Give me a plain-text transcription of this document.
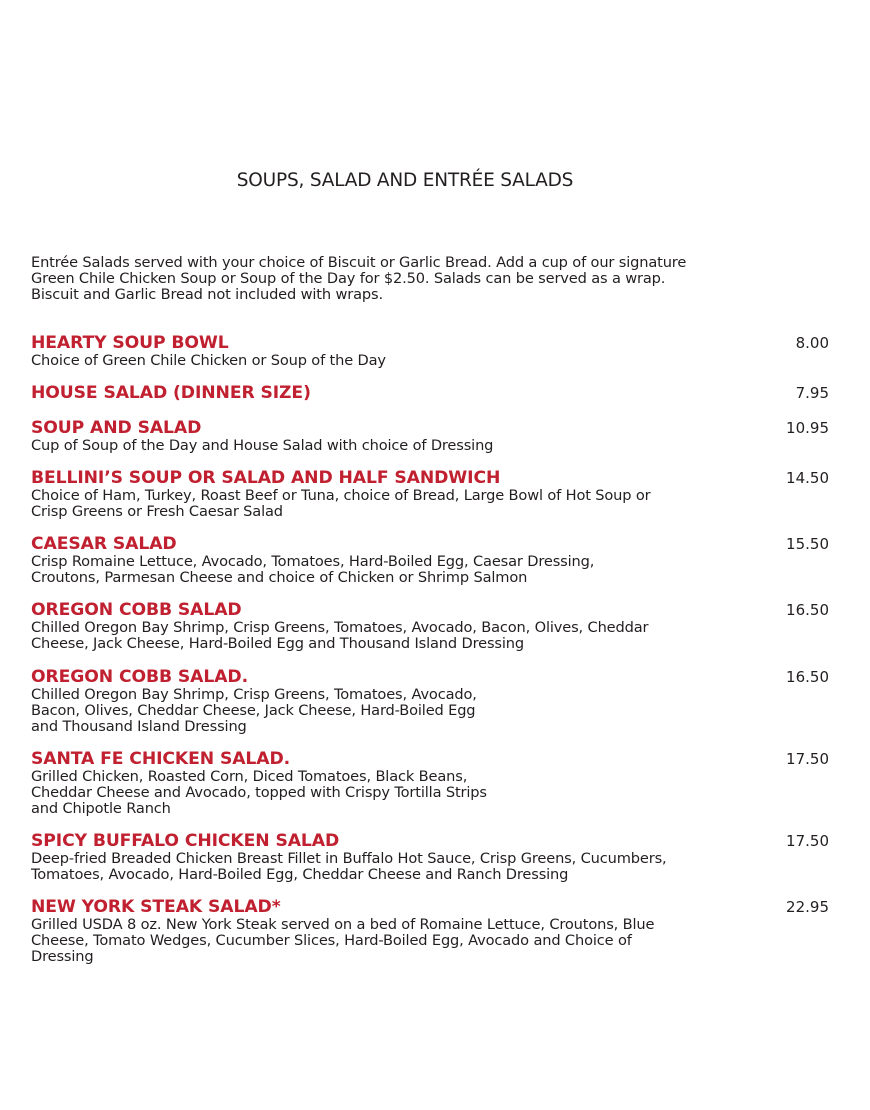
SOUPS, SALAD AND ENTRÉE SALADS

Entrée Salads served with your choice of Biscuit or Garlic Bread. Add a cup of our signature
Green Chile Chicken Soup or Soup of the Day for $2.50. Salads can be served as a wrap.
Biscuit and Garlic Bread not included with wraps.

HEARTY SOUP BOWL
Choice of Green Chile Chicken or Soup of the Day
8.00
HOUSE SALAD (DINNER SIZE)	7.95
SOUP AND SALAD
Cup of Soup of the Day and House Salad with choice of Dressing
10.95
BELLINI’S SOUP OR SALAD AND HALF SANDWICH
Choice of Ham, Turkey, Roast Beef or Tuna, choice of Bread, Large Bowl of Hot Soup or
Crisp Greens or Fresh Caesar Salad
14.50
CAESAR SALAD
Crisp Romaine Lettuce, Avocado, Tomatoes, Hard-Boiled Egg, Caesar Dressing,
Croutons, Parmesan Cheese and choice of Chicken or Shrimp Salmon
15.50
OREGON COBB SALAD
Chilled Oregon Bay Shrimp, Crisp Greens, Tomatoes, Avocado, Bacon, Olives, Cheddar
Cheese, Jack Cheese, Hard-Boiled Egg and Thousand Island Dressing
16.50
OREGON COBB SALAD.
Chilled Oregon Bay Shrimp, Crisp Greens, Tomatoes, Avocado,
Bacon, Olives, Cheddar Cheese, Jack Cheese, Hard-Boiled Egg
and Thousand Island Dressing
16.50
SANTA FE CHICKEN SALAD.
Grilled Chicken, Roasted Corn, Diced Tomatoes, Black Beans,
Cheddar Cheese and Avocado, topped with Crispy Tortilla Strips
and Chipotle Ranch
17.50
SPICY BUFFALO CHICKEN SALAD
Deep-fried Breaded Chicken Breast Fillet in Buffalo Hot Sauce, Crisp Greens, Cucumbers,
Tomatoes, Avocado, Hard-Boiled Egg, Cheddar Cheese and Ranch Dressing
17.50
NEW YORK STEAK SALAD*
Grilled USDA 8 oz. New York Steak served on a bed of Romaine Lettuce, Croutons, Blue
Cheese, Tomato Wedges, Cucumber Slices, Hard-Boiled Egg, Avocado and Choice of
Dressing
22.95
